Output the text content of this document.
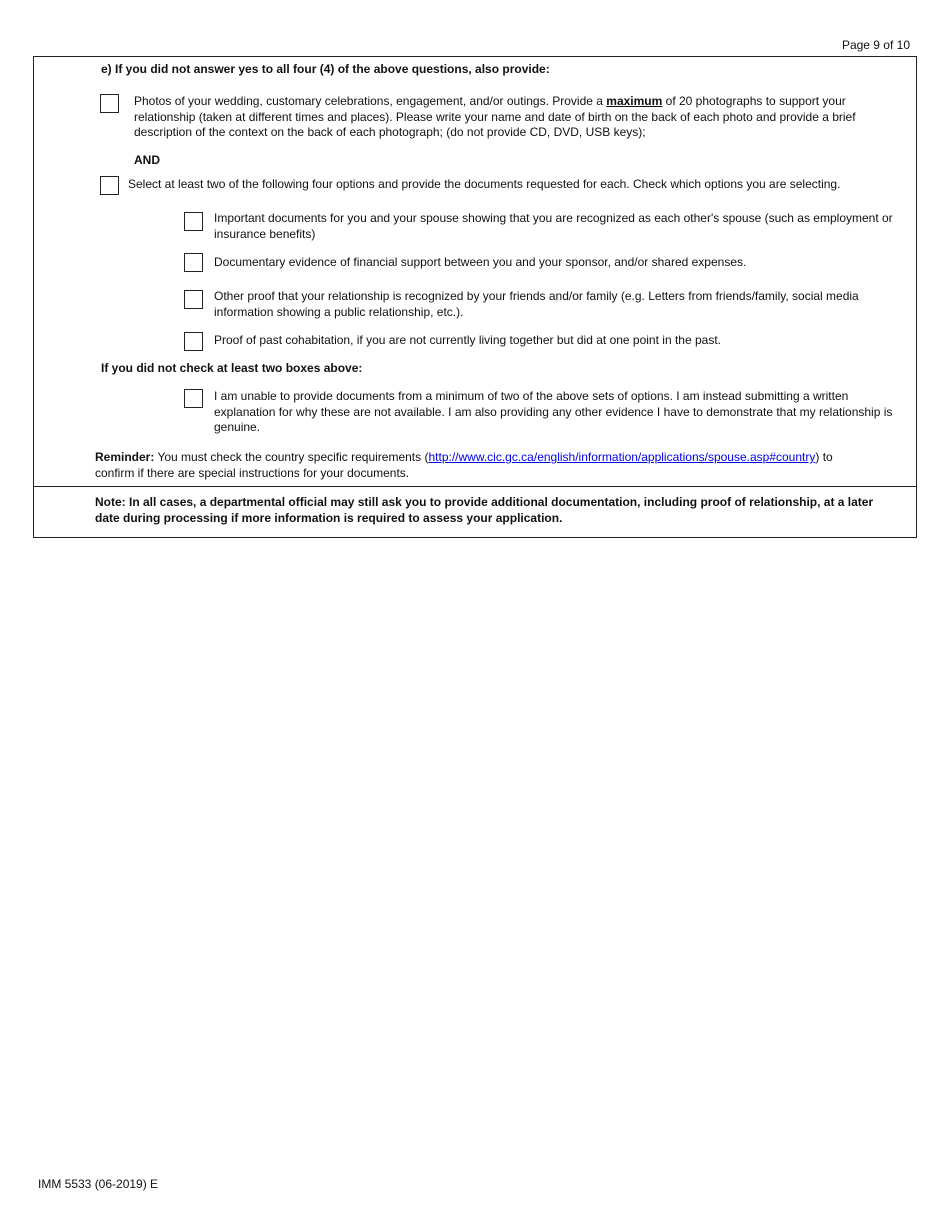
Page 9 of 10
e) If you did not answer yes to all four (4) of the above questions, also provide:
Photos of your wedding, customary celebrations, engagement, and/or outings. Provide a maximum of 20 photographs to support your relationship (taken at different times and places). Please write your name and date of birth on the back of each photo and provide a brief description of the context on the back of each photograph; (do not provide CD, DVD, USB keys);
AND
Select at least two of the following four options and provide the documents requested for each. Check which options you are selecting.
Important documents for you and your spouse showing that you are recognized as each other's spouse (such as employment or insurance benefits)
Documentary evidence of financial support between you and your sponsor, and/or shared expenses.
Other proof that your relationship is recognized by your friends and/or family (e.g. Letters from friends/family, social media information showing a public relationship, etc.).
Proof of past cohabitation, if you are not currently living together but did at one point in the past.
If you did not check at least two boxes above:
I am unable to provide documents from a minimum of two of the above sets of options. I am instead submitting a written explanation for why these are not available. I am also providing any other evidence I have to demonstrate that my relationship is genuine.
Reminder: You must check the country specific requirements (http://www.cic.gc.ca/english/information/applications/spouse.asp#country) to confirm if there are special instructions for your documents.
Note: In all cases, a departmental official may still ask you to provide additional documentation, including proof of relationship, at a later date during processing if more information is required to assess your application.
IMM 5533 (06-2019) E
